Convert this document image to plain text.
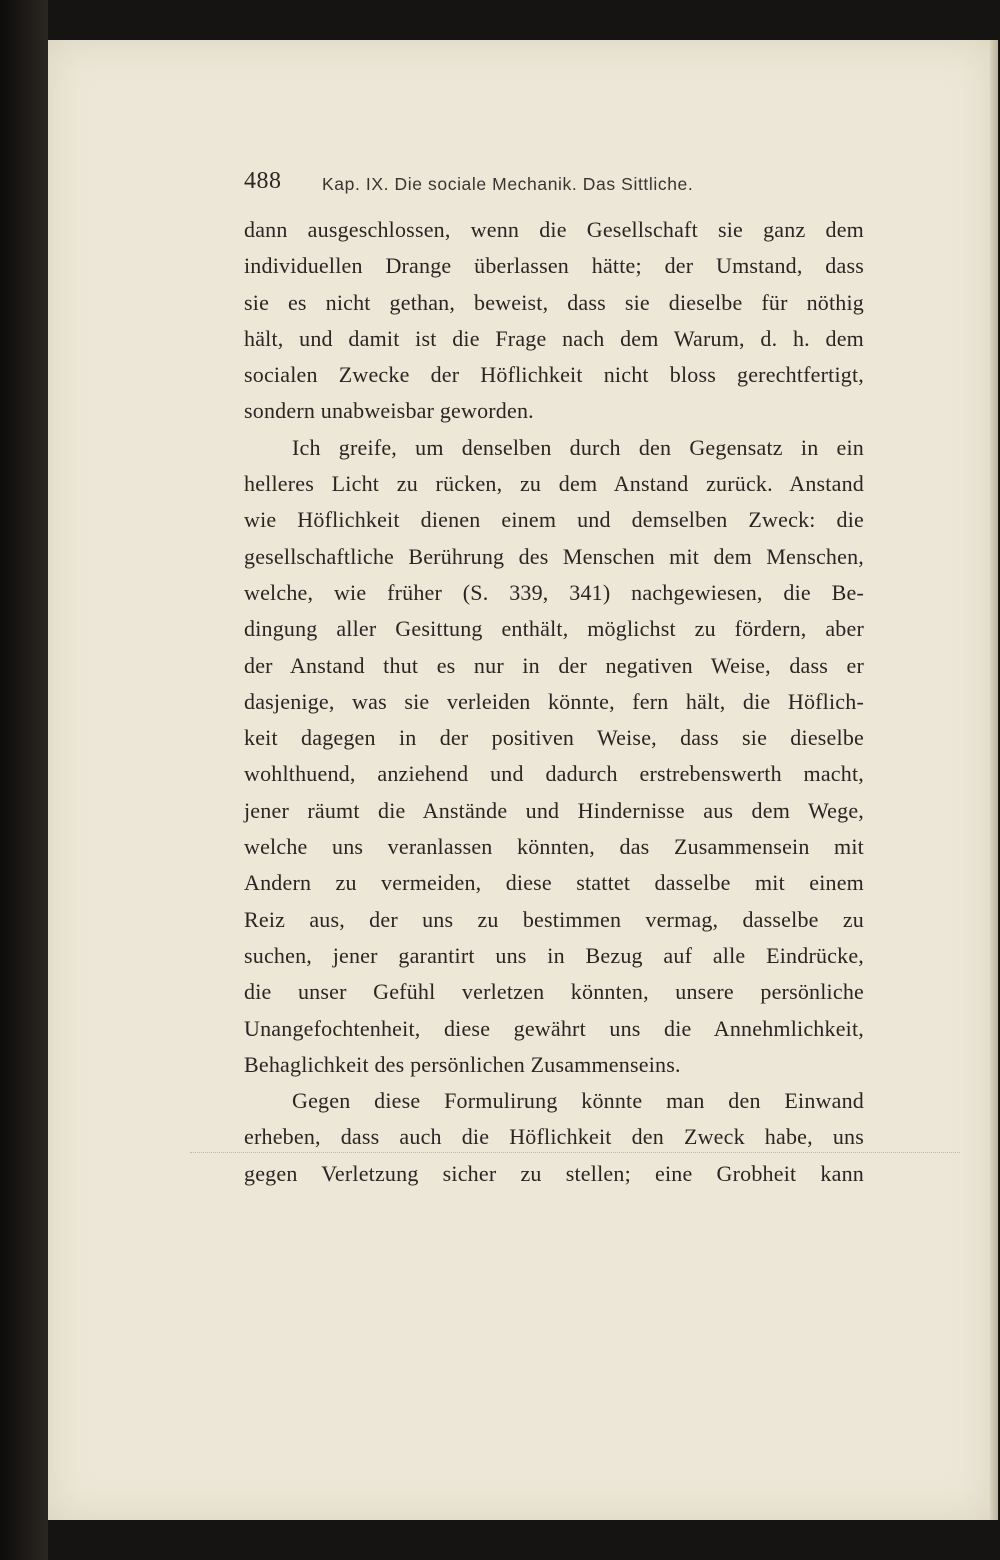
488 Kap. IX. Die sociale Mechanik. Das Sittliche.
dann ausgeschlossen, wenn die Gesellschaft sie ganz dem
individuellen Drange überlassen hätte; der Umstand, dass
sie es nicht gethan, beweist, dass sie dieselbe für nöthig
hält, und damit ist die Frage nach dem Warum, d. h. dem
socialen Zwecke der Höflichkeit nicht bloss gerechtfertigt,
sondern unabweisbar geworden.
Ich greife, um denselben durch den Gegensatz in ein
helleres Licht zu rücken, zu dem Anstand zurück. Anstand
wie Höflichkeit dienen einem und demselben Zweck: die
gesellschaftliche Berührung des Menschen mit dem Menschen,
welche, wie früher (S. 339, 341) nachgewiesen, die Be-
dingung aller Gesittung enthält, möglichst zu fördern, aber
der Anstand thut es nur in der negativen Weise, dass er
dasjenige, was sie verleiden könnte, fern hält, die Höflich-
keit dagegen in der positiven Weise, dass sie dieselbe
wohlthuend, anziehend und dadurch erstrebenswerth macht,
jener räumt die Anstände und Hindernisse aus dem Wege,
welche uns veranlassen könnten, das Zusammensein mit
Andern zu vermeiden, diese stattet dasselbe mit einem
Reiz aus, der uns zu bestimmen vermag, dasselbe zu
suchen, jener garantirt uns in Bezug auf alle Eindrücke,
die unser Gefühl verletzen könnten, unsere persönliche
Unangefochtenheit, diese gewährt uns die Annehmlichkeit,
Behaglichkeit des persönlichen Zusammenseins.
Gegen diese Formulirung könnte man den Einwand
erheben, dass auch die Höflichkeit den Zweck habe, uns
gegen Verletzung sicher zu stellen; eine Grobheit kann
